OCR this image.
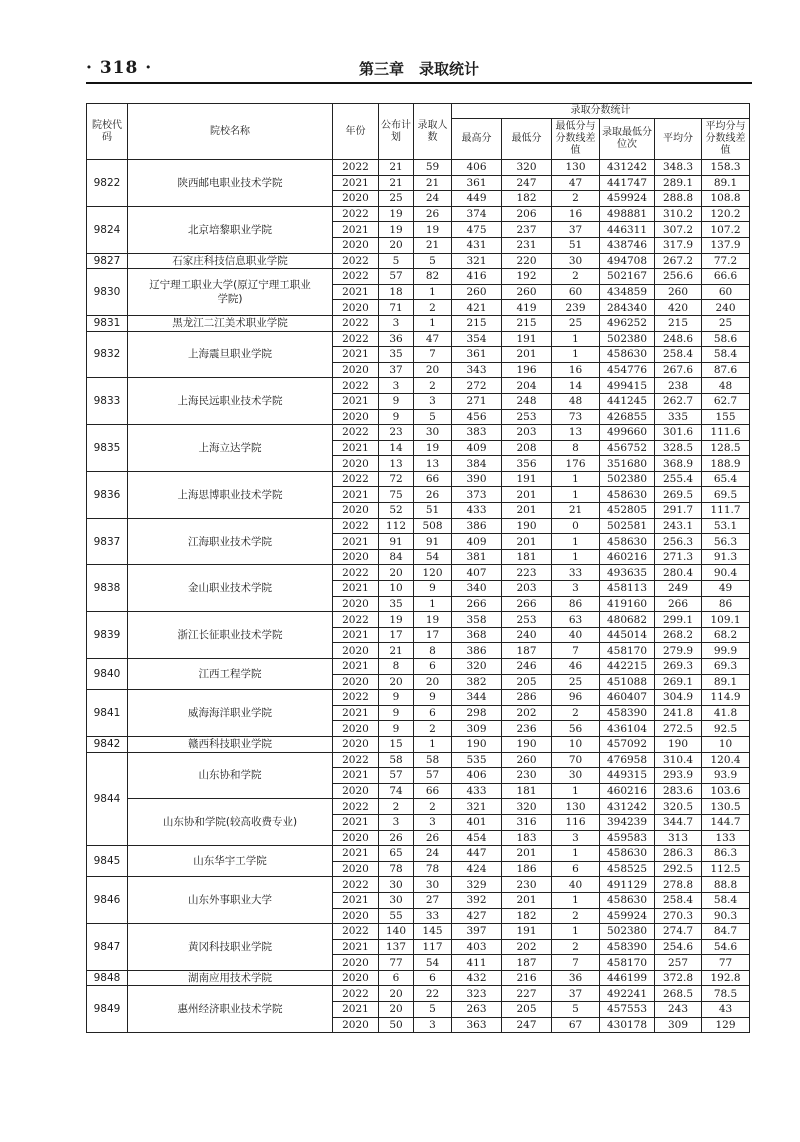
· 318 ·	第三章　录取统计
院校代码	院校名称	年份	公布计划	录取人数	录取分数统计					
					最高分	最低分	最低分与分数线差值	录取最低分位次	平均分	平均分与分数线差值
9822	陕西邮电职业技术学院	2022	21	59	406	320	130	431242	348.3	158.3
		2021	21	21	361	247	47	441747	289.1	89.1
		2020	25	24	449	182	2	459924	288.8	108.8
9824	北京培黎职业学院	2022	19	26	374	206	16	498881	310.2	120.2
		2021	19	19	475	237	37	446311	307.2	107.2
		2020	20	21	431	231	51	438746	317.9	137.9
9827	石家庄科技信息职业学院	2022	5	5	321	220	30	494708	267.2	77.2
9830	辽宁理工职业大学(原辽宁理工职业
学院)	2022	57	82	416	192	2	502167	256.6	66.6
		2021	18	1	260	260	60	434859	260	60
		2020	71	2	421	419	239	284340	420	240
9831	黑龙江二江美术职业学院	2022	3	1	215	215	25	496252	215	25
9832	上海震旦职业学院	2022	36	47	354	191	1	502380	248.6	58.6
		2021	35	7	361	201	1	458630	258.4	58.4
		2020	37	20	343	196	16	454776	267.6	87.6
9833	上海民远职业技术学院	2022	3	2	272	204	14	499415	238	48
		2021	9	3	271	248	48	441245	262.7	62.7
		2020	9	5	456	253	73	426855	335	155
9835	上海立达学院	2022	23	30	383	203	13	499660	301.6	111.6
		2021	14	19	409	208	8	456752	328.5	128.5
		2020	13	13	384	356	176	351680	368.9	188.9
9836	上海思博职业技术学院	2022	72	66	390	191	1	502380	255.4	65.4
		2021	75	26	373	201	1	458630	269.5	69.5
		2020	52	51	433	201	21	452805	291.7	111.7
9837	江海职业技术学院	2022	112	508	386	190	0	502581	243.1	53.1
		2021	91	91	409	201	1	458630	256.3	56.3
		2020	84	54	381	181	1	460216	271.3	91.3
9838	金山职业技术学院	2022	20	120	407	223	33	493635	280.4	90.4
		2021	10	9	340	203	3	458113	249	49
		2020	35	1	266	266	86	419160	266	86
9839	浙江长征职业技术学院	2022	19	19	358	253	63	480682	299.1	109.1
		2021	17	17	368	240	40	445014	268.2	68.2
		2020	21	8	386	187	7	458170	279.9	99.9
9840	江西工程学院	2021	8	6	320	246	46	442215	269.3	69.3
		2020	20	20	382	205	25	451088	269.1	89.1
9841	威海海洋职业学院	2022	9	9	344	286	96	460407	304.9	114.9
		2021	9	6	298	202	2	458390	241.8	41.8
		2020	9	2	309	236	56	436104	272.5	92.5
9842	赣西科技职业学院	2020	15	1	190	190	10	457092	190	10
9844	山东协和学院	2022	58	58	535	260	70	476958	310.4	120.4
		2021	57	57	406	230	30	449315	293.9	93.9
		2020	74	66	433	181	1	460216	283.6	103.6

	山东协和学院(较高收费专业)	2022	2	2	321	320	130	431242	320.5	130.5
		2021	3	3	401	316	116	394239	344.7	144.7
		2020	26	26	454	183	3	459583	313	133
9845	山东华宇工学院	2021	65	24	447	201	1	458630	286.3	86.3
		2020	78	78	424	186	6	458525	292.5	112.5
9846	山东外事职业大学	2022	30	30	329	230	40	491129	278.8	88.8
		2021	30	27	392	201	1	458630	258.4	58.4
		2020	55	33	427	182	2	459924	270.3	90.3
9847	黄冈科技职业学院	2022	140	145	397	191	1	502380	274.7	84.7
		2021	137	117	403	202	2	458390	254.6	54.6
		2020	77	54	411	187	7	458170	257	77
9848	湖南应用技术学院	2020	6	6	432	216	36	446199	372.8	192.8
9849	惠州经济职业技术学院	2022	20	22	323	227	37	492241	268.5	78.5
		2021	20	5	263	205	5	457553	243	43
		2020	50	3	363	247	67	430178	309	129
